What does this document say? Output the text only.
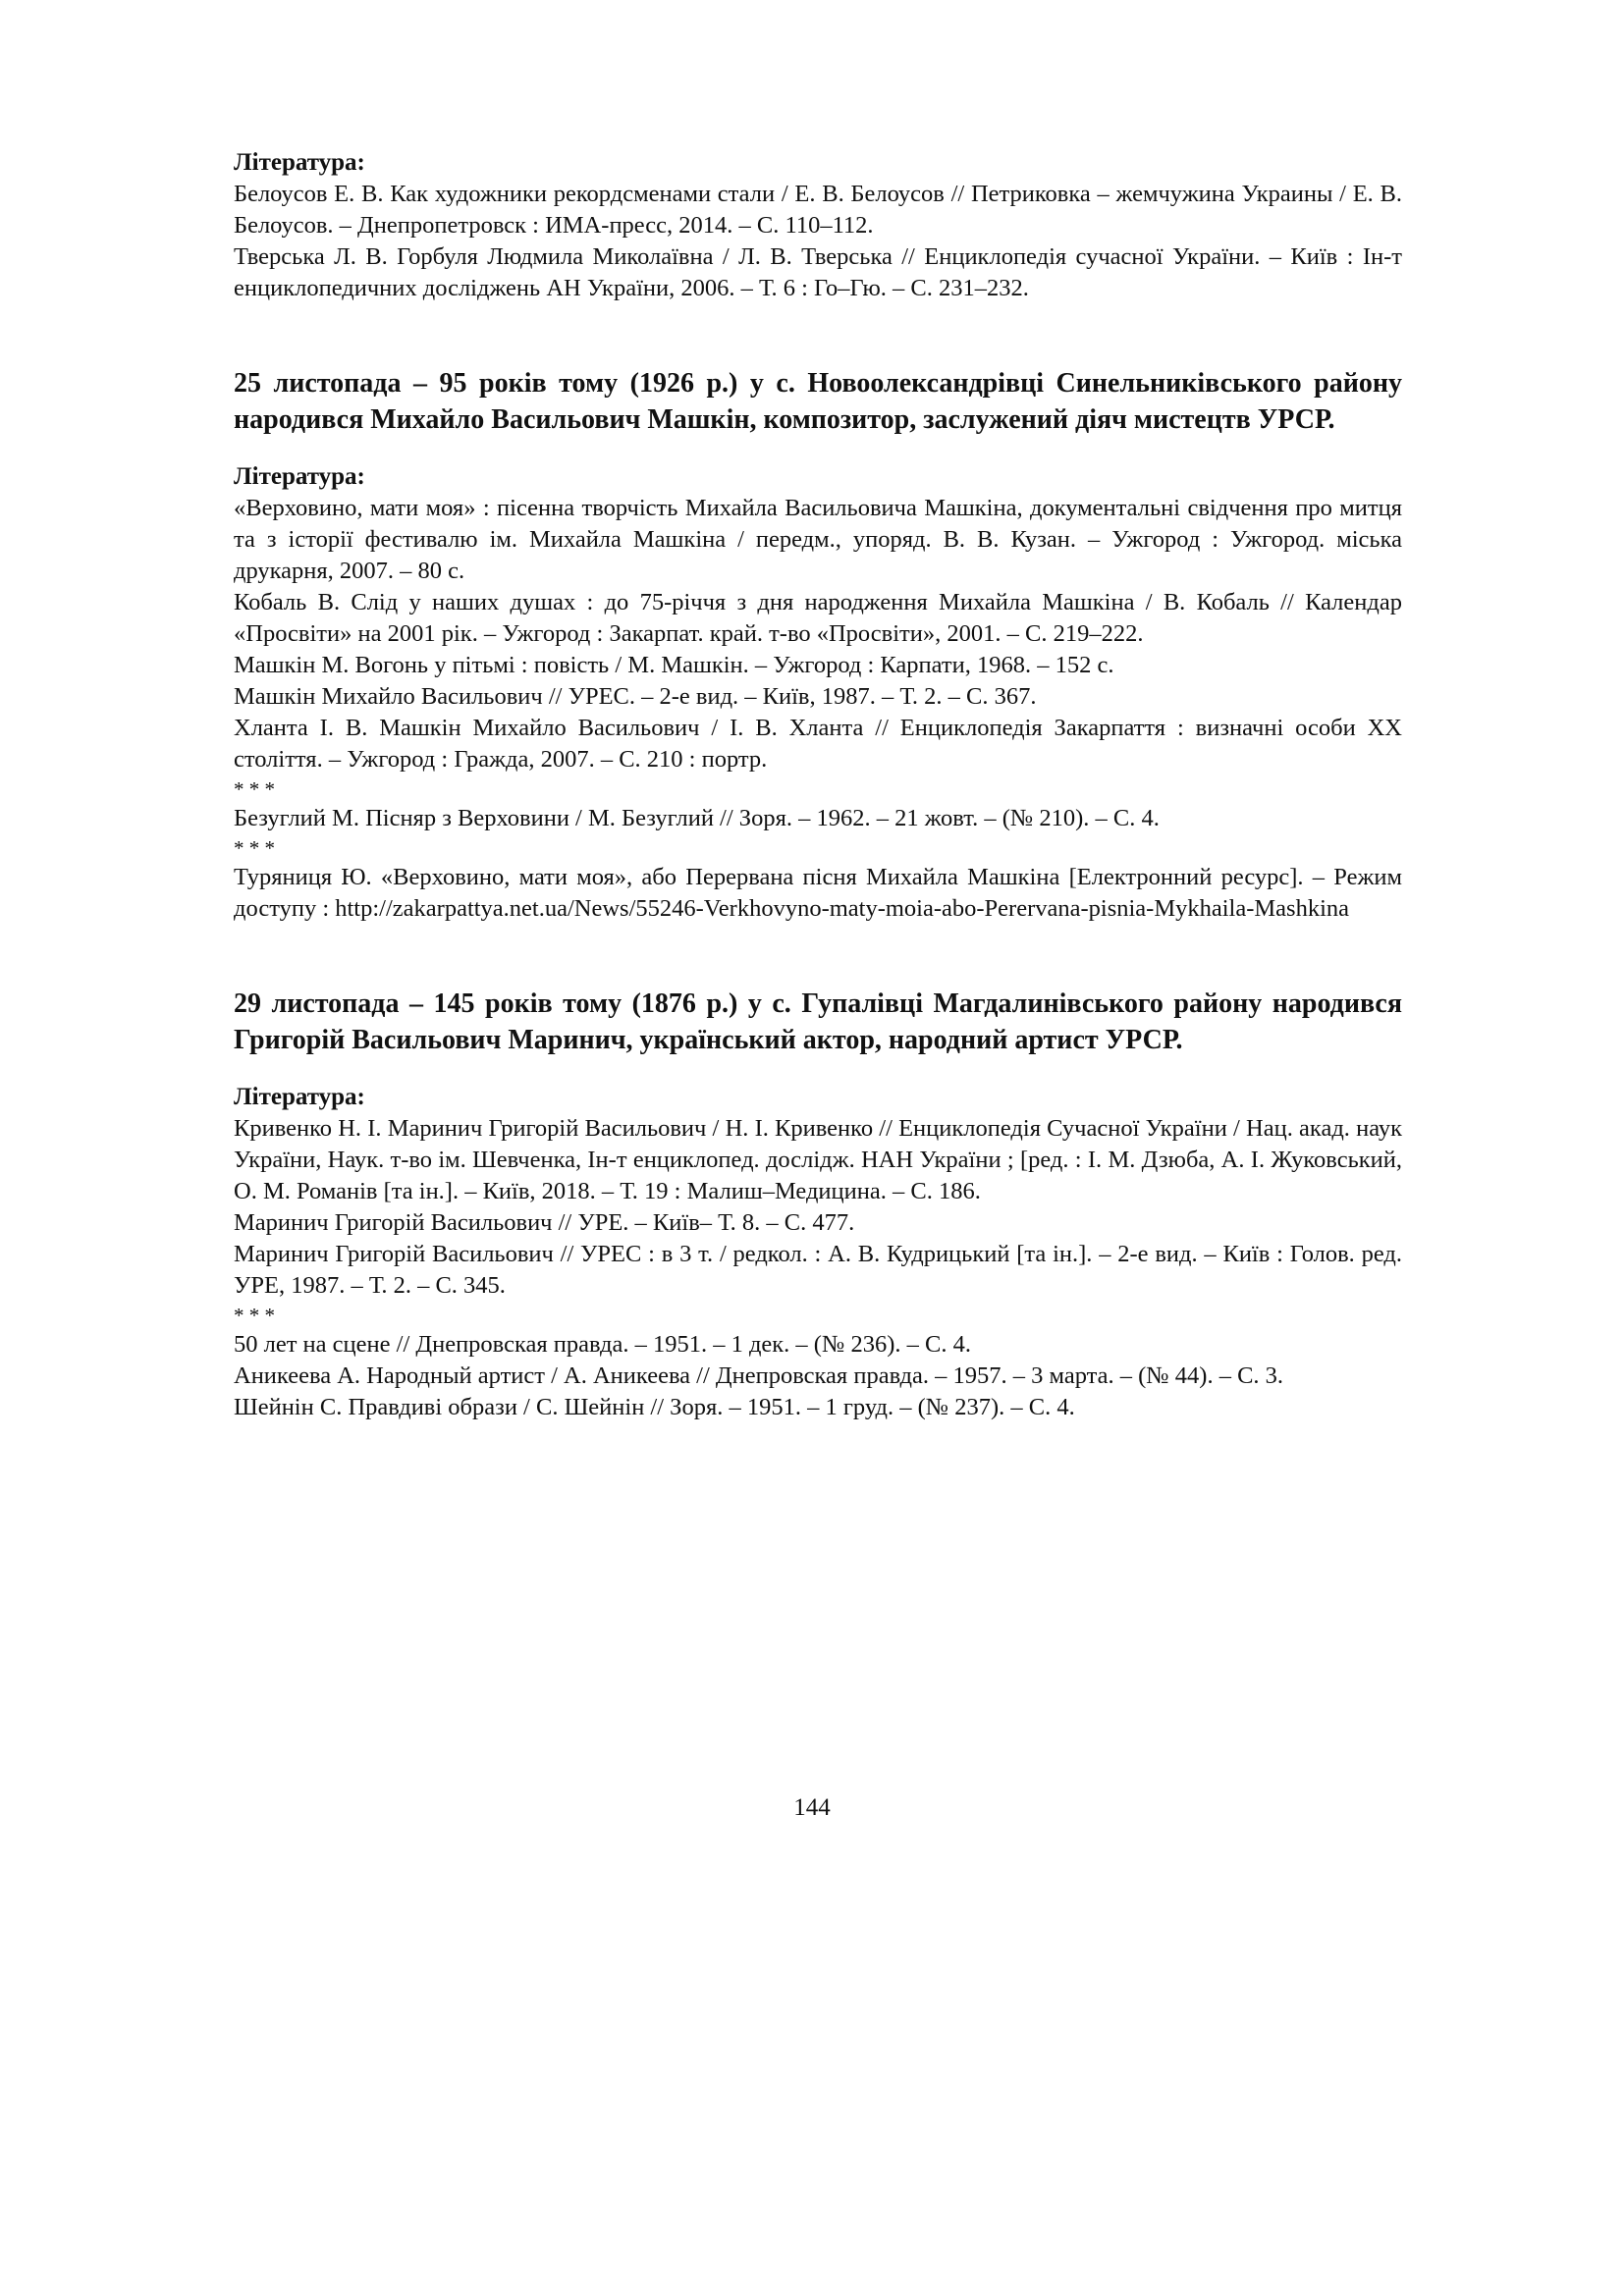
Література:

Белоусов Е. В. Как художники рекордсменами стали / Е. В. Белоусов // Петриковка – жемчужина Украины / Е. В. Белоусов. – Днепропетровск : ИМА-пресс, 2014. – С. 110–112.

Тверська Л. В. Горбуля Людмила Миколаївна / Л. В. Тверська // Енциклопедія сучасної України. – Київ : Ін-т енциклопедичних досліджень АН України, 2006. – Т. 6 : Го–Гю. – С. 231–232.

25 листопада – 95 років тому (1926 р.) у с. Новоолександрівці Синельниківського району народився Михайло Васильович Машкін, композитор, заслужений діяч мистецтв УРСР.

Література:

«Верховино, мати моя» : пісенна творчість Михайла Васильовича Машкіна, документальні свідчення про митця та з історії фестивалю ім. Михайла Машкіна / передм., упоряд. В. В. Кузан. – Ужгород : Ужгород. міська друкарня, 2007. – 80 с.

Кобаль В. Слід у наших душах : до 75-річчя з дня народження Михайла Машкіна / В. Кобаль // Календар «Просвіти» на 2001 рік. – Ужгород : Закарпат. край. т-во «Просвіти», 2001. – С. 219–222.

Машкін М. Вогонь у пітьмі : повість / М. Машкін. – Ужгород : Карпати, 1968. – 152 с.

Машкін Михайло Васильович // УРЕС. – 2-е вид. – Київ, 1987. – Т. 2. – С. 367.

Хланта І. В. Машкін Михайло Васильович / І. В. Хланта // Енциклопедія Закарпаття : визначні особи XX століття. – Ужгород : Гражда, 2007. – С. 210 : портр.

* * *

Безуглий М. Пісняр з Верховини / М. Безуглий // Зоря. – 1962. – 21 жовт. – (№ 210). – С. 4.

* * *

Туряниця Ю. «Верховино, мати моя», або Перервана пісня Михайла Машкіна [Електронний ресурс]. – Режим доступу : http://zakarpattya.net.ua/News/55246-Verkhovyno-maty-moia-abo-Perervana-pisnia-Mykhaila-Mashkina

29 листопада – 145 років тому (1876 р.) у с. Гупалівці Магдалинівського району народився Григорій Васильович Маринич, український актор, народний артист УРСР.

Література:

Кривенко Н. І. Маринич Григорій Васильович / Н. І. Кривенко // Енциклопедія Сучасної України / Нац. акад. наук України, Наук. т-во ім. Шевченка, Ін-т енциклопед. дослідж. НАН України ; [ред. : І. М. Дзюба, А. І. Жуковський, О. М. Романів [та ін.]. – Київ, 2018. – Т. 19 : Малиш–Медицина. – С. 186.

Маринич Григорій Васильович // УРЕ. – Київ– Т. 8. – С. 477.

Маринич Григорій Васильович // УРЕС : в 3 т. / редкол. : А. В. Кудрицький [та ін.]. – 2-е вид. – Київ : Голов. ред. УРЕ, 1987. – Т. 2. – С. 345.

* * *

50 лет на сцене // Днепровская правда. – 1951. – 1 дек. – (№ 236). – С. 4.

Аникеева А. Народный артист / А. Аникеева // Днепровская правда. – 1957. – 3 марта. – (№ 44). – С. 3.

Шейнін С. Правдиві образи / С. Шейнін // Зоря. – 1951. – 1 груд. – (№ 237). – С. 4.

144
